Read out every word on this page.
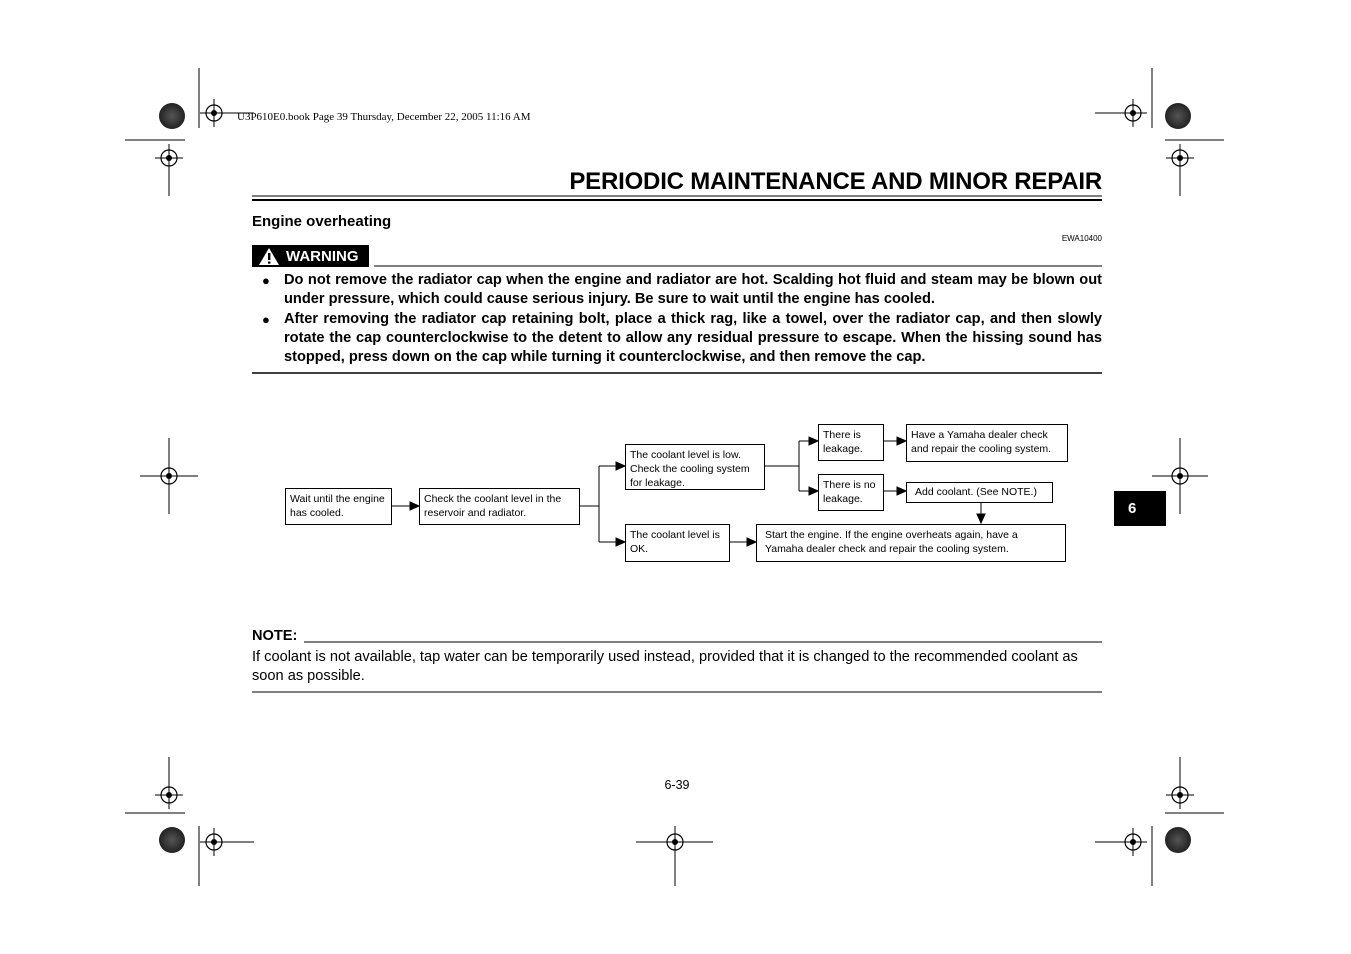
U3P610E0.book Page 39 Thursday, December 22, 2005 11:16 AM
PERIODIC MAINTENANCE AND MINOR REPAIR
Engine overheating
EWA10400
WARNING
● Do not remove the radiator cap when the engine and radiator are hot. Scalding hot fluid and steam may be blown out under pressure, which could cause serious injury. Be sure to wait until the engine has cooled.
● After removing the radiator cap retaining bolt, place a thick rag, like a towel, over the radiator cap, and then slowly rotate the cap counterclockwise to the detent to allow any residual pressure to escape. When the hissing sound has stopped, press down on the cap while turning it counterclockwise, and then remove the cap.
Wait until the engine has cooled.
Check the coolant level in the reservoir and radiator.
The coolant level is low. Check the cooling system for leakage.
The coolant level is OK.
There is leakage.
There is no leakage.
Have a Yamaha dealer check and repair the cooling system.
Add coolant. (See NOTE.)
Start the engine. If the engine overheats again, have a Yamaha dealer check and repair the cooling system.
NOTE:
If coolant is not available, tap water can be temporarily used instead, provided that it is changed to the recommended coolant as soon as possible.
6-39
6
